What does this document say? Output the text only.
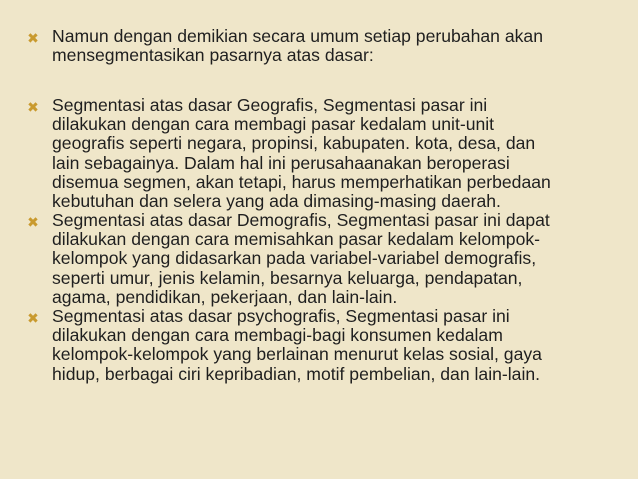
✖ Namun dengan demikian secara umum setiap perubahan akan
mensegmentasikan pasarnya atas dasar:
✖ Segmentasi atas dasar Geografis, Segmentasi pasar ini
dilakukan dengan cara membagi pasar kedalam unit-unit
geografis seperti negara, propinsi, kabupaten. kota, desa, dan
lain sebagainya. Dalam hal ini perusahaanakan beroperasi
disemua segmen, akan tetapi, harus memperhatikan perbedaan
kebutuhan dan selera yang ada dimasing-masing daerah.
✖ Segmentasi atas dasar Demografis, Segmentasi pasar ini dapat
dilakukan dengan cara memisahkan pasar kedalam kelompok-
kelompok yang didasarkan pada variabel-variabel demografis,
seperti umur, jenis kelamin, besarnya keluarga, pendapatan,
agama, pendidikan, pekerjaan, dan lain-lain.
✖ Segmentasi atas dasar psychografis, Segmentasi pasar ini
dilakukan dengan cara membagi-bagi konsumen kedalam
kelompok-kelompok yang berlainan menurut kelas sosial, gaya
hidup, berbagai ciri kepribadian, motif pembelian, dan lain-lain.
